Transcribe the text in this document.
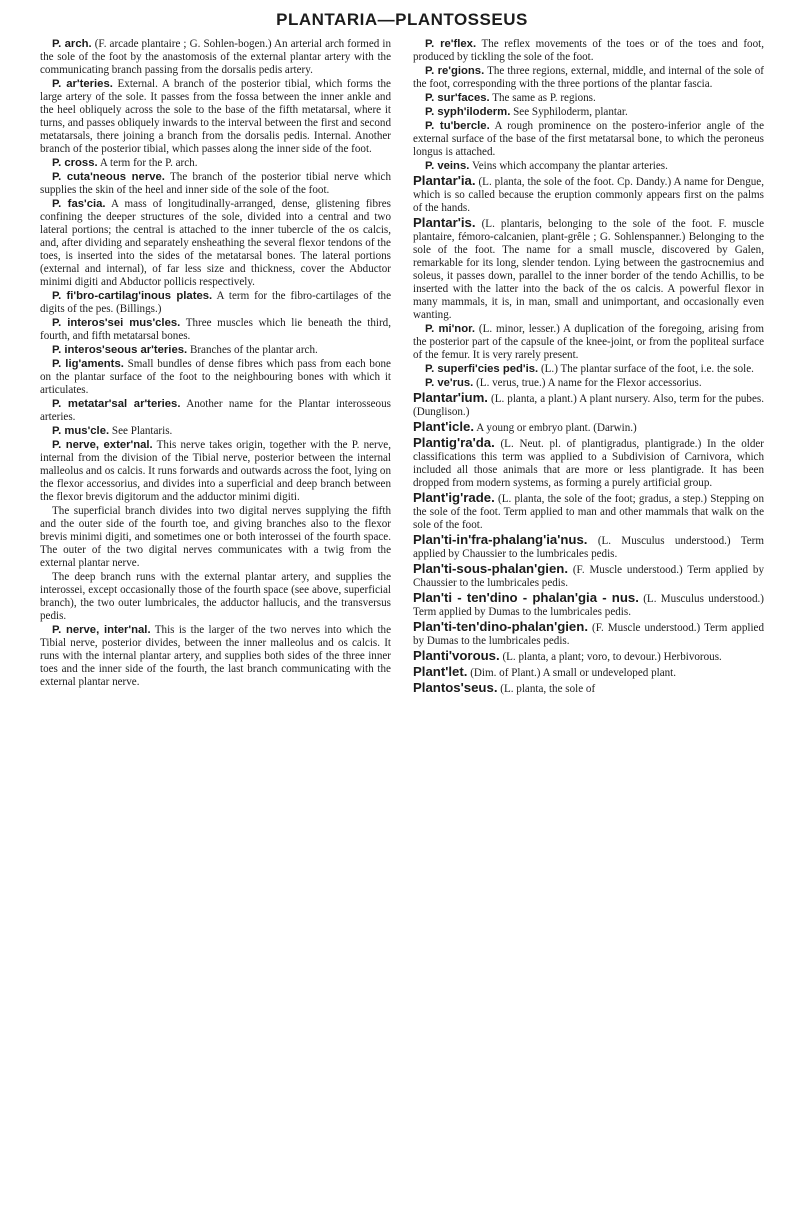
PLANTARIA—PLANTOSSEUS

P. arch. (F. arcade plantaire ; G. Sohlen-bogen.) An arterial arch formed in the sole of the foot by the anastomosis of the external plantar artery with the communicating branch passing from the dorsalis pedis artery.

P. ar'teries. External. A branch of the posterior tibial, which forms the large artery of the sole. It passes from the fossa between the inner ankle and the heel obliquely across the sole to the base of the fifth metatarsal, where it turns, and passes obliquely inwards to the interval between the first and second metatarsals, there joining a branch from the dorsalis pedis. Internal. Another branch of the posterior tibial, which passes along the inner side of the foot.

P. cross. A term for the P. arch.

P. cuta'neous nerve. The branch of the posterior tibial nerve which supplies the skin of the heel and inner side of the sole of the foot.

P. fas'cia. A mass of longitudinally-arranged, dense, glistening fibres confining the deeper structures of the sole, divided into a central and two lateral portions; the central is attached to the inner tubercle of the os calcis, and, after dividing and separately ensheathing the several flexor tendons of the toes, is inserted into the sides of the metatarsal bones. The lateral portions (external and internal), of far less size and thickness, cover the Abductor minimi digiti and Abductor pollicis respectively.

P. fi'bro-cartilag'inous plates. A term for the fibro-cartilages of the digits of the pes. (Billings.)

P. interos'sei mus'cles. Three muscles which lie beneath the third, fourth, and fifth metatarsal bones.

P. interos'seous ar'teries. Branches of the plantar arch.

P. lig'aments. Small bundles of dense fibres which pass from each bone on the plantar surface of the foot to the neighbouring bones with which it articulates.

P. metatar'sal ar'teries. Another name for the Plantar interosseous arteries.

P. mus'cle. See Plantaris.

P. nerve, exter'nal. This nerve takes origin, together with the P. nerve, internal from the division of the Tibial nerve, posterior between the internal malleolus and os calcis. It runs forwards and outwards across the foot, lying on the flexor accessorius, and divides into a superficial and deep branch between the flexor brevis digitorum and the adductor minimi digiti.

The superficial branch divides into two digital nerves supplying the fifth and the outer side of the fourth toe, and giving branches also to the flexor brevis minimi digiti, and sometimes one or both interossei of the fourth space. The outer of the two digital nerves communicates with a twig from the external plantar nerve.

The deep branch runs with the external plantar artery, and supplies the interossei, except occasionally those of the fourth space (see above, superficial branch), the two outer lumbricales, the adductor hallucis, and the transversus pedis.

P. nerve, inter'nal. This is the larger of the two nerves into which the Tibial nerve, posterior divides, between the inner malleolus and os calcis. It runs with the internal plantar artery, and supplies both sides of the three inner toes and the inner side of the fourth, the last branch communicating with the external plantar nerve.

P. re'flex. The reflex movements of the toes or of the toes and foot, produced by tickling the sole of the foot.

P. re'gions. The three regions, external, middle, and internal of the sole of the foot, corresponding with the three portions of the plantar fascia.

P. sur'faces. The same as P. regions.

P. syph'iloderm. See Syphiloderm, plantar.

P. tu'bercle. A rough prominence on the postero-inferior angle of the external surface of the base of the first metatarsal bone, to which the peroneus longus is attached.

P. veins. Veins which accompany the plantar arteries.

Plantar'ia. (L. planta, the sole of the foot. Cp. Dandy.) A name for Dengue, which is so called because the eruption commonly appears first on the palms of the hands.

Plantar'is. (L. plantaris, belonging to the sole of the foot. F. muscle plantaire, fémoro-calcanien, plant-grêle ; G. Sohlenspanner.) Belonging to the sole of the foot. The name for a small muscle, discovered by Galen, remarkable for its long, slender tendon. Lying between the gastrocnemius and soleus, it passes down, parallel to the inner border of the tendo Achillis, to be inserted with the latter into the back of the os calcis. A powerful flexor in many mammals, it is, in man, small and unimportant, and occasionally even wanting.

P. mi'nor. (L. minor, lesser.) A duplication of the foregoing, arising from the posterior part of the capsule of the knee-joint, or from the popliteal surface of the femur. It is very rarely present.

P. superfi'cies ped'is. (L.) The plantar surface of the foot, i.e. the sole.

P. ve'rus. (L. verus, true.) A name for the Flexor accessorius.

Plantar'ium. (L. planta, a plant.) A plant nursery. Also, term for the pubes. (Dunglison.)

Plant'icle. A young or embryo plant. (Darwin.)

Plantig'ra'da. (L. Neut. pl. of plantigradus, plantigrade.) In the older classifications this term was applied to a Subdivision of Carnivora, which included all those animals that are more or less plantigrade. It has been dropped from modern systems, as forming a purely artificial group.

Plant'ig'rade. (L. planta, the sole of the foot; gradus, a step.) Stepping on the sole of the foot. Term applied to man and other mammals that walk on the sole of the foot.

Plan'ti-in'fra-phalang'ia'nus. (L. Musculus understood.) Term applied by Chaussier to the lumbricales pedis.

Plan'ti-sous-phalan'gien. (F. Muscle understood.) Term applied by Chaussier to the lumbricales pedis.

Plan'ti - ten'dino - phalan'gia - nus. (L. Musculus understood.) Term applied by Dumas to the lumbricales pedis.

Plan'ti-ten'dino-phalan'gien. (F. Muscle understood.) Term applied by Dumas to the lumbricales pedis.

Planti'vorous. (L. planta, a plant; voro, to devour.) Herbivorous.

Plant'let. (Dim. of Plant.) A small or undeveloped plant.

Plantos'seus. (L. planta, the sole of
